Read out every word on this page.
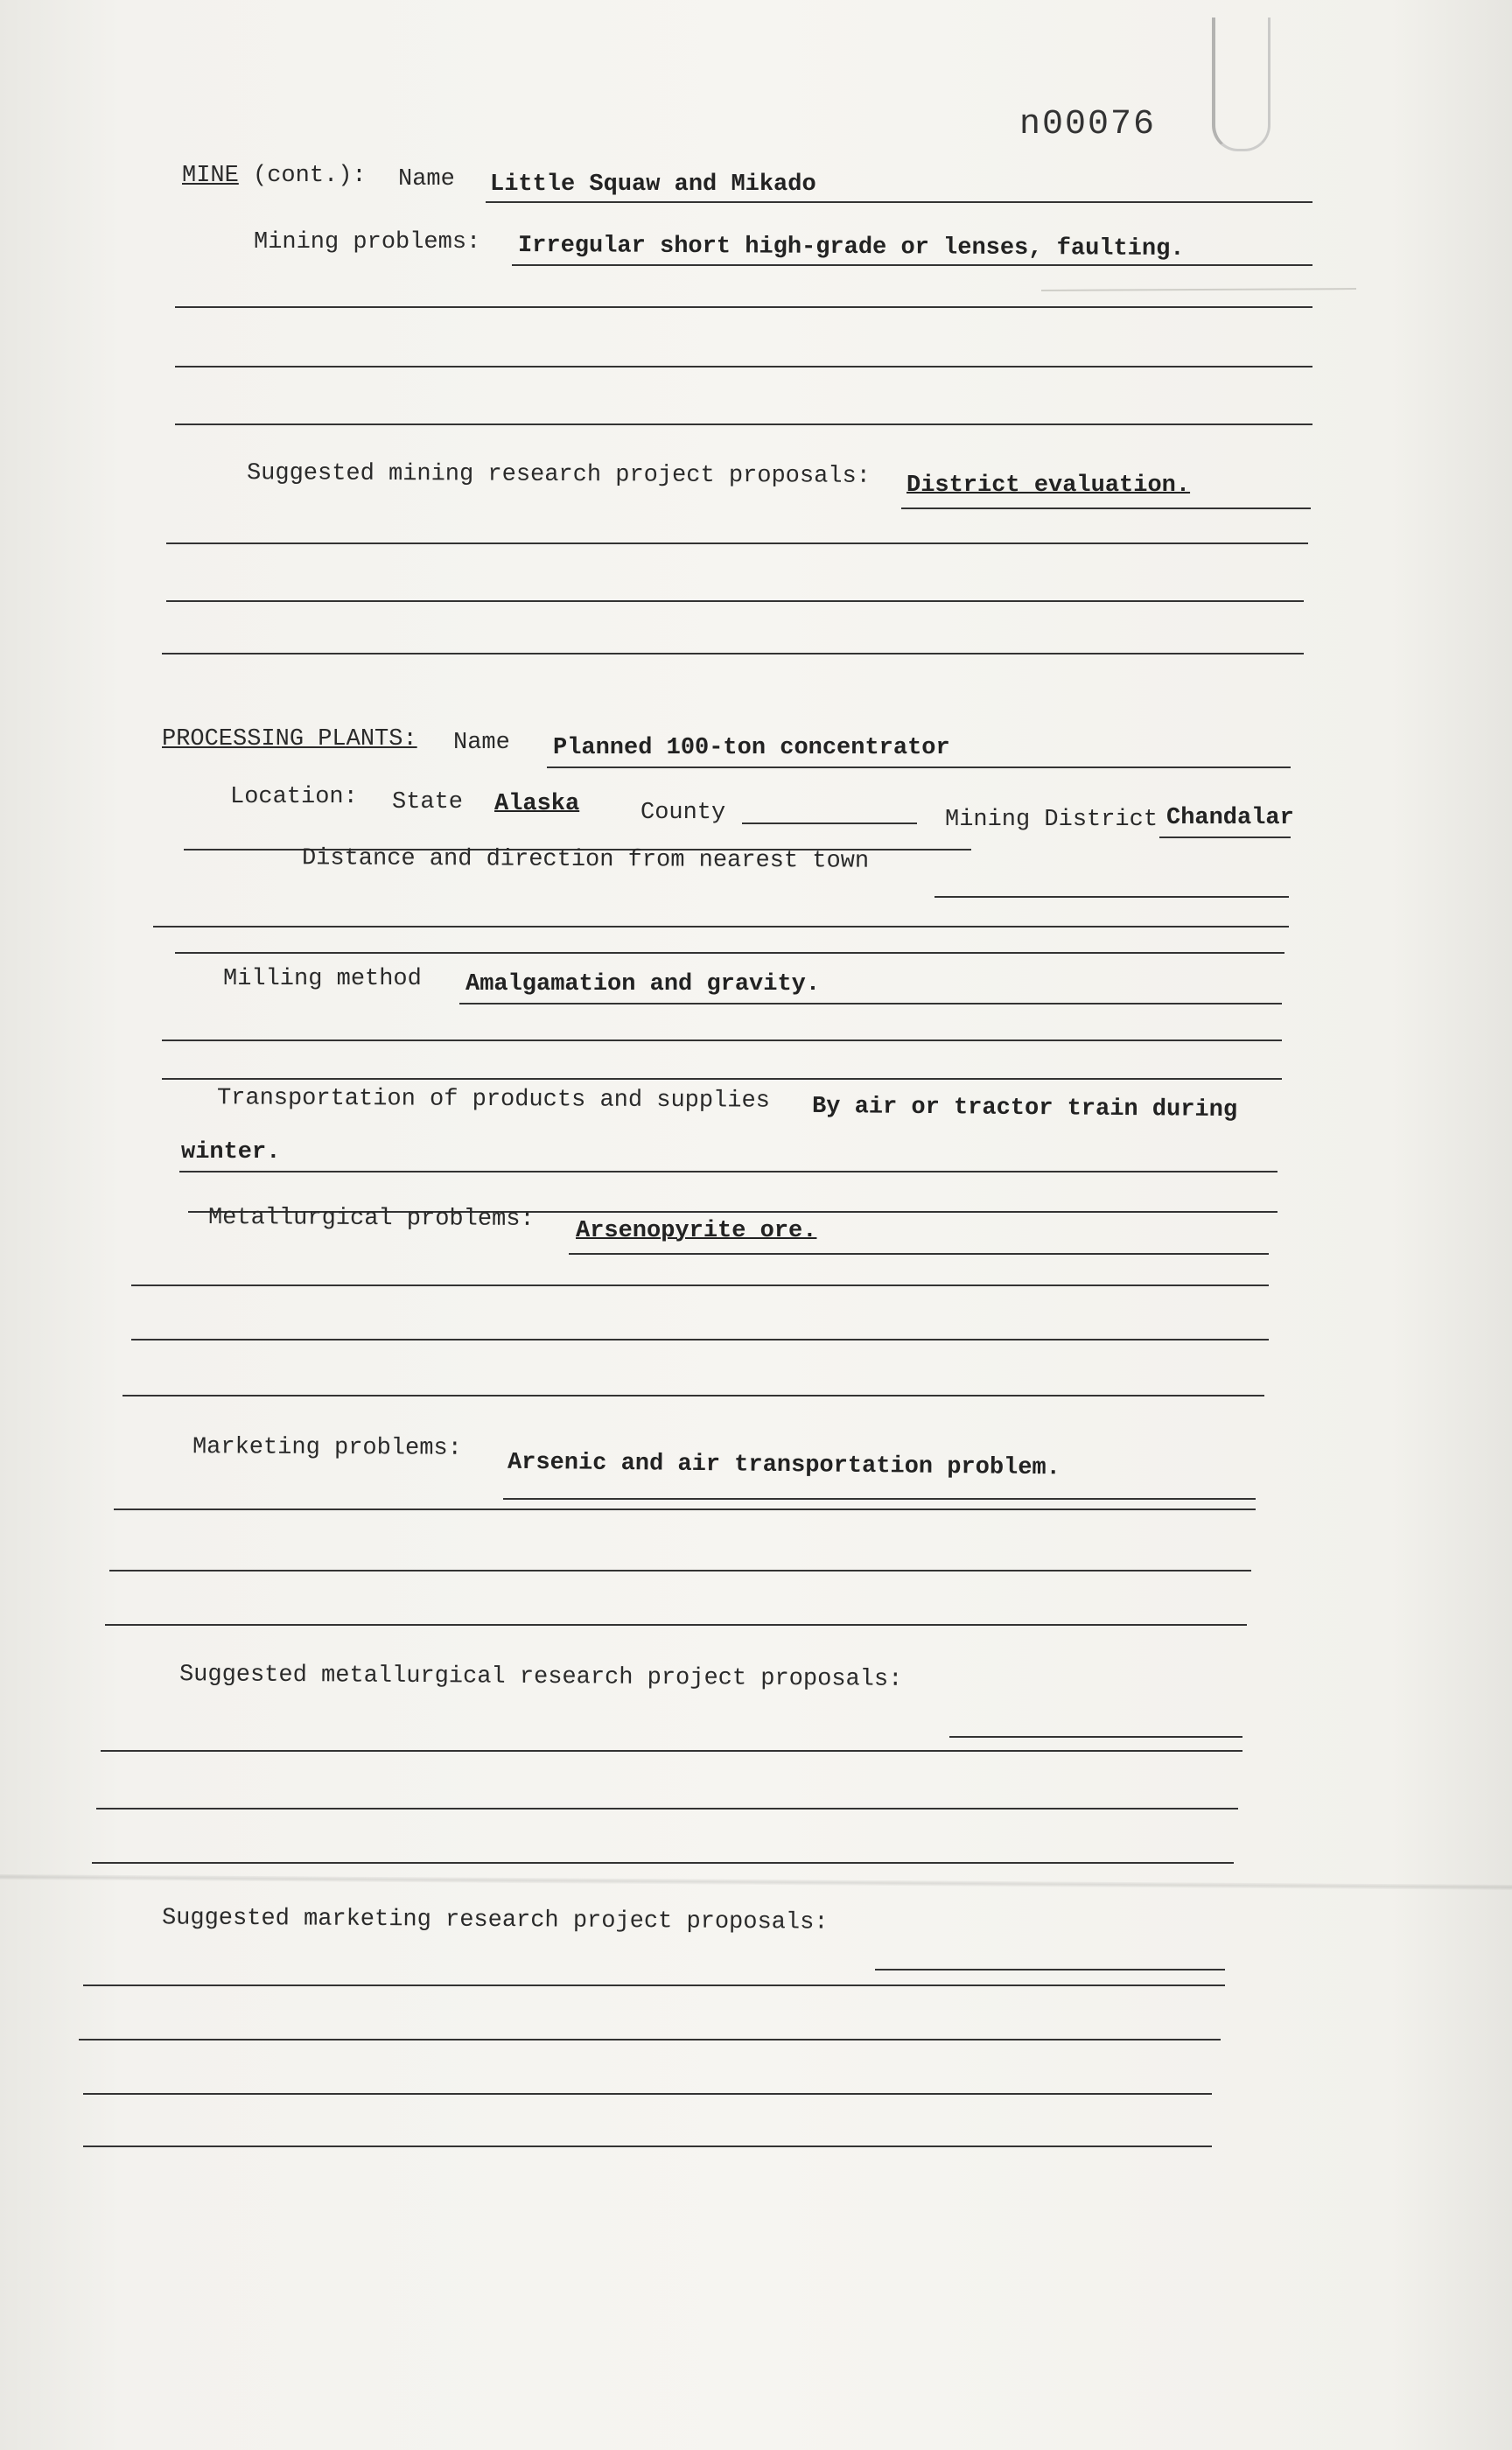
n00076
MINE (cont.): Name Little Squaw and Mikado
Mining problems: Irregular short high-grade or lenses, faulting.
Suggested mining research project proposals: District evaluation.
PROCESSING PLANTS: Name Planned 100-ton concentrator
Location: State Alaska	County	Mining District Chandalar
Distance and direction from nearest town
Milling method Amalgamation and gravity.
Transportation of products and supplies By air or tractor train during
winter.
Metallurgical problems: Arsenopyrite ore.
Marketing problems:
Arsenic and air transportation problem.
Suggested metallurgical research project proposals:
Suggested marketing research project proposals:
